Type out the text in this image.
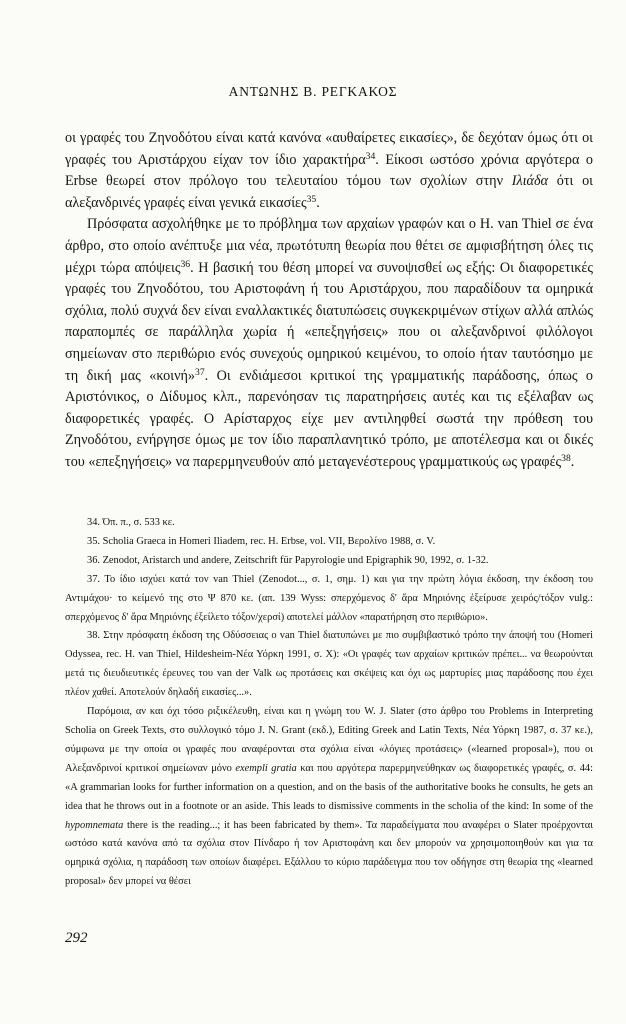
ΑΝΤΩΝΗΣ Β. ΡΕΓΚΑΚΟΣ

οι γραφές του Ζηνοδότου είναι κατά κανόνα «αυθαίρετες εικασίες», δε δεχόταν όμως ότι οι γραφές του Αριστάρχου είχαν τον ίδιο χαρακτήρα$^{34}$. Είκοσι ωστόσο χρόνια αργότερα ο Erbse θεωρεί στον πρόλογο του τελευταίου τόμου των σχολίων στην Ιλιάδα ότι οι αλεξανδρινές γραφές είναι γενικά εικασίες$^{35}$.

Πρόσφατα ασχολήθηκε με το πρόβλημα των αρχαίων γραφών και ο Η. van Thiel σε ένα άρθρο, στο οποίο ανέπτυξε μια νέα, πρωτότυπη θεωρία που θέτει σε αμφισβήτηση όλες τις μέχρι τώρα απόψεις$^{36}$. Η βασική του θέση μπορεί να συνοψισθεί ως εξής: Οι διαφορετικές γραφές του Ζηνοδότου, του Αριστοφάνη ή του Αριστάρχου, που παραδίδουν τα ομηρικά σχόλια, πολύ συχνά δεν είναι εναλλακτικές διατυπώσεις συγκεκριμένων στίχων αλλά απλώς παραπομπές σε παράλληλα χωρία ή «επεξηγήσεις» που οι αλεξανδρινοί φιλόλογοι σημείωναν στο περιθώριο ενός συνεχούς ομηρικού κειμένου, το οποίο ήταν ταυτόσημο με τη δική μας «κοινή»$^{37}$. Οι ενδιάμεσοι κριτικοί της γραμματικής παράδοσης, όπως ο Αριστόνικος, ο Δίδυμος κλπ., παρενόησαν τις παρατηρήσεις αυτές και τις εξέλαβαν ως διαφορετικές γραφές. Ο Αρίσταρχος είχε μεν αντιληφθεί σωστά την πρόθεση του Ζηνοδότου, ενήργησε όμως με τον ίδιο παραπλανητικό τρόπο, με αποτέλεσμα και οι δικές του «επεξηγήσεις» να παρερμηνευθούν από μεταγενέστερους γραμματικούς ως γραφές$^{38}$.

34. Όπ. π., σ. 533 κε.

35. Scholia Graeca in Homeri Iliadem, rec. H. Erbse, vol. VII, Βερολίνο 1988, σ. V.

36. Zenodot, Aristarch und andere, Zeitschrift für Papyrologie und Epigraphik 90, 1992, σ. 1-32.

37. Το ίδιο ισχύει κατά τον van Thiel (Zenodot..., σ. 1, σημ. 1) και για την πρώτη λόγια έκδοση, την έκδοση του Αντιμάχου· το κείμενό της στο Ψ 870 κε. (απ. 139 Wyss: σπερχόμενος δ' ἄρα Μηριόνης ἐξείρυσε χειρός/τόξον vulg.: σπερχόμενος δ' ἄρα Μηριόνης ἐξείλετο τόξον/χερσί) αποτελεί μάλλον «παρατήρηση στο περιθώριο».

38. Στην πρόσφατη έκδοση της Οδύσσειας ο van Thiel διατυπώνει με πιο συμβιβαστικό τρόπο την άποψή του (Homeri Odyssea, rec. H. van Thiel, Hildesheim-Νέα Υόρκη 1991, σ. X): «Οι γραφές των αρχαίων κριτικών πρέπει... να θεωρούνται μετά τις διευδιευτικές έρευνες του van der Valk ως προτάσεις και σκέψεις και όχι ως μαρτυρίες μιας παράδοσης που έχει πλέον χαθεί. Αποτελούν δηλαδή εικασίες...».

Παρόμοια, αν και όχι τόσο ριξικέλευθη, είναι και η γνώμη του W. J. Slater (στο άρθρο του Problems in Interpreting Scholia on Greek Texts, στο συλλογικό τόμο J. N. Grant (εκδ.), Editing Greek and Latin Texts, Νέα Υόρκη 1987, σ. 37 κε.), σύμφωνα με την οποία οι γραφές που αναφέρονται στα σχόλια είναι «λόγιες προτάσεις» («learned proposal»), που οι Αλεξανδρινοί κριτικοί σημείωναν μόνο exempli gratia και που αργότερα παρερμηνεύθηκαν ως διαφορετικές γραφές, σ. 44: «A grammarian looks for further information on a question, and on the basis of the authoritative books he consults, he gets an idea that he throws out in a footnote or an aside. This leads to dismissive comments in the scholia of the kind: In some of the hypomnemata there is the reading...; it has been fabricated by them». Τα παραδείγματα που αναφέρει ο Slater προέρχονται ωστόσο κατά κανόνα από τα σχόλια στον Πίνδαρο ή τον Αριστοφάνη και δεν μπορούν να χρησιμοποιηθούν και για τα ομηρικά σχόλια, η παράδοση των οποίων διαφέρει. Εξάλλου το κύριο παράδειγμα που τον οδήγησε στη θεωρία της «learned proposal» δεν μπορεί να θέσει

292
